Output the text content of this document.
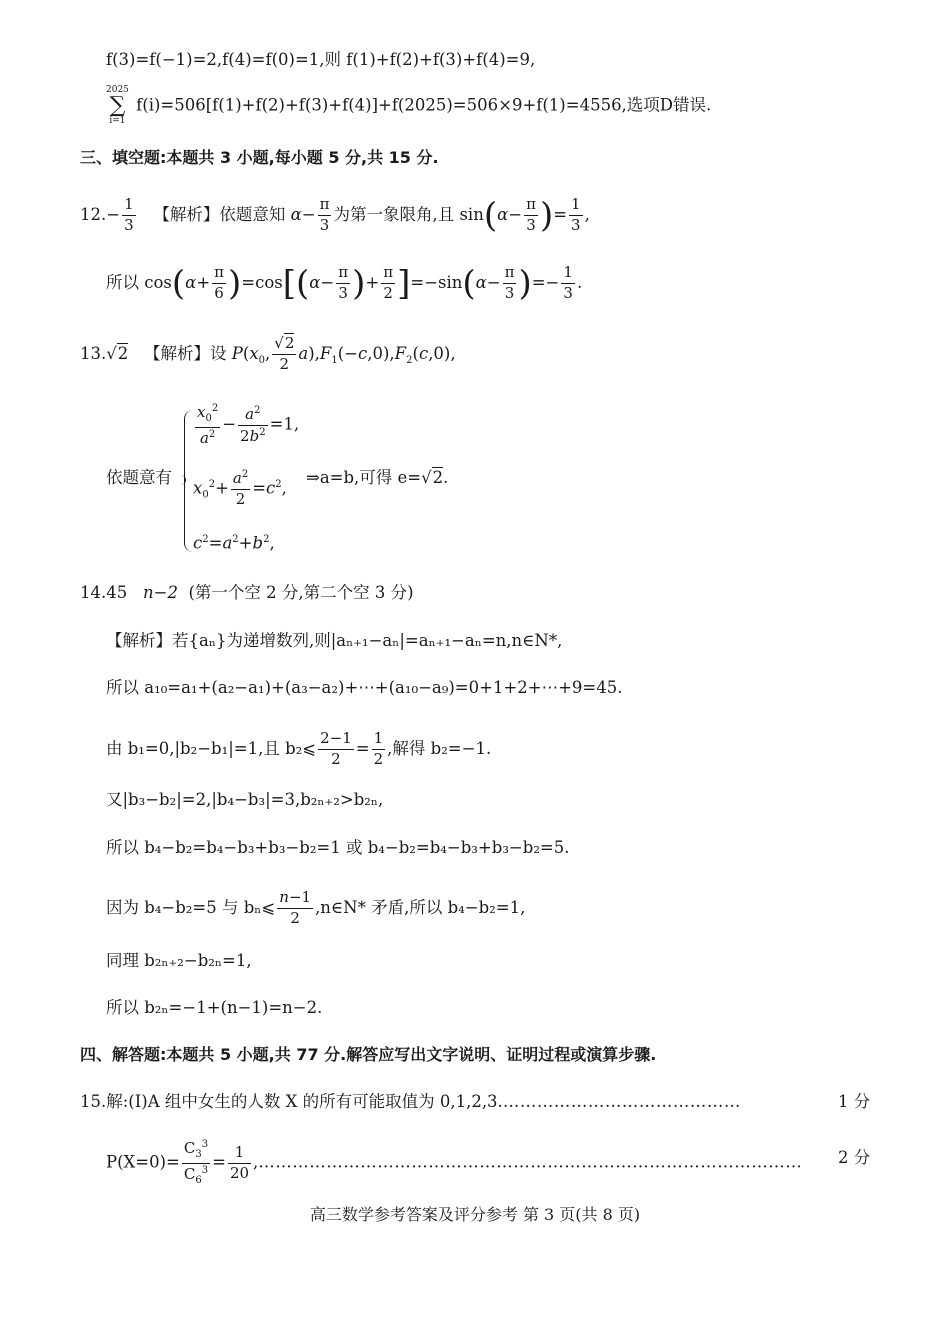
f(3)=f(−1)=2,f(4)=f(0)=1,则 f(1)+f(2)+f(3)+f(4)=9,
2025
∑
i=1
f(i)=506[f(1)+f(2)+f(3)+f(4)]+f(2025)=506×9+f(1)=4556,选项D错误.
三、填空题:本题共 3 小题,每小题 5 分,共 15 分.
$12.- \frac{1}{3}$ 【解析】依题意知 $\alpha- \frac{\pi}{3}$ 为第一象限角,且 $\sin(\alpha- \frac{\pi}{3}$ )= $\frac{1}{3}$ ,
所以 $\cos(\alpha+ \frac{\pi}{6} )=\cos[(\alpha- \frac{\pi}{3}$ )+ $\frac{\pi}{2} ]=-\sin(\alpha- \frac{\pi}{3}$ )=− $\frac{1}{3}$ .
13.√2 【解析】设 $P(x_0$, $\frac{√2}{2} a),F_1(-c,0),F_2(c,0)$,
依题意有
$\frac{x_0^2}{a^2} - \frac{a^2}{2b^2} =1$,
$x_0^2+ \frac{a^2}{2} =c^2$,
$c^2=a^2+b^2$,
⇒a=b,可得 e=√2.
14.45 n−2 (第一个空 2 分,第二个空 3 分)
【解析】若{aₙ}为递增数列,则|aₙ₊₁−aₙ|=aₙ₊₁−aₙ=n,n∈N*,
所以 a₁₀=a₁+(a₂−a₁)+(a₃−a₂)+⋯+(a₁₀−a₉)=0+1+2+⋯+9=45.
由 b₁=0,|b₂−b₁|=1,且 b₂⩽ $\frac{2-1}{2} = \frac{1}{2}$ ,解得 b₂=−1.
又|b₃−b₂|=2,|b₄−b₃|=3,b₂ₙ₊₂>b₂ₙ,
所以 b₄−b₂=b₄−b₃+b₃−b₂=1 或 b₄−b₂=b₄−b₃+b₃−b₂=5.
因为 b₄−b₂=5 与 bₙ⩽ $\frac{n-1}{2}$ ,n∈N* 矛盾,所以 b₄−b₂=1,
同理 b₂ₙ₊₂−b₂ₙ=1,
所以 b₂ₙ=−1+(n−1)=n−2.
四、解答题:本题共 5 小题,共 77 分.解答应写出文字说明、证明过程或演算步骤.
15.解:(Ⅰ)A 组中女生的人数 X 的所有可能取值为 0,1,2,3.……………………………………	1 分
$P(X=0)= \frac{C_3^3}{C_6^3} = \frac{1}{20}$ ,…………………………………………………………………………………… 2 分
高三数学参考答案及评分参考 第 3 页(共 8 页)
